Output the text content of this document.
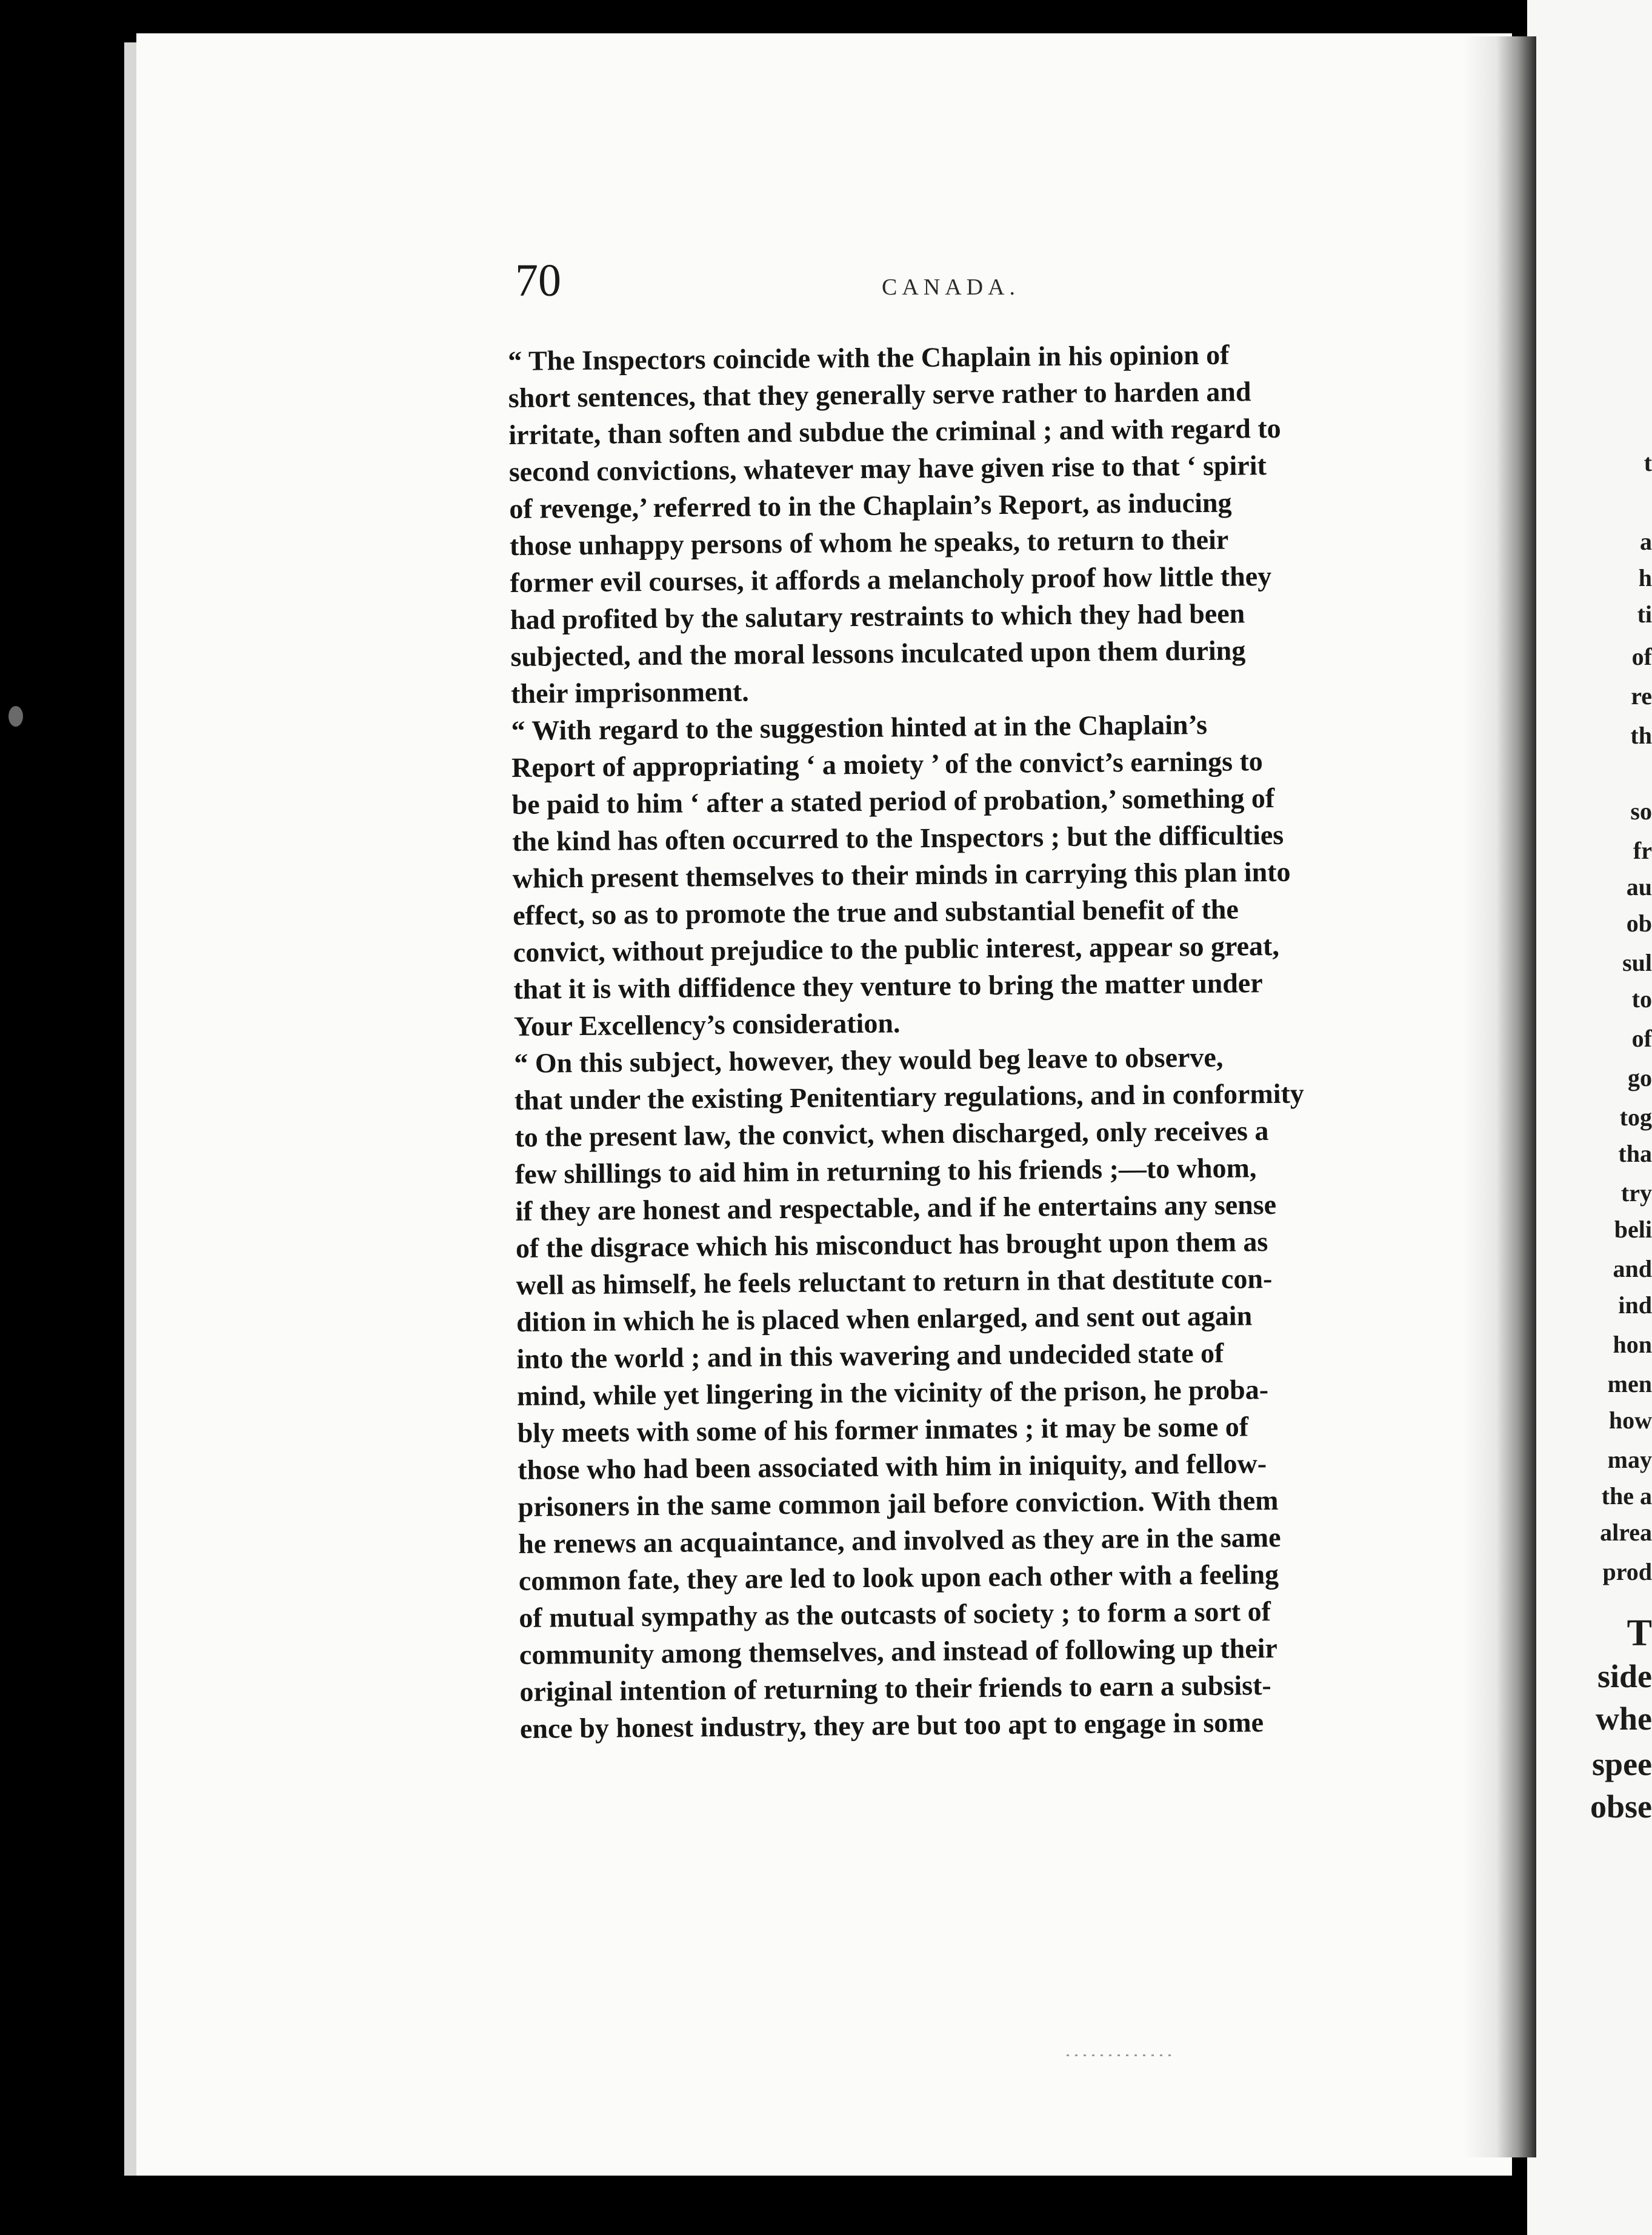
t

a

h

ti

of

re

th

so

fr

au

ob

sul

to

of

go

tog

tha

try

beli

and

ind

hon

men

how

may

the a

alrea

prod

T

side

whe

spee

obse

70	CANADA.

“ The Inspectors coincide with the Chaplain in his opinion of
short sentences, that they generally serve rather to harden and
irritate, than soften and subdue the criminal ; and with regard to
second convictions, whatever may have given rise to that ‘ spirit
of revenge,’ referred to in the Chaplain’s Report, as inducing
those unhappy persons of whom he speaks, to return to their
former evil courses, it affords a melancholy proof how little they
had profited by the salutary restraints to which they had been
subjected, and the moral lessons inculcated upon them during
their imprisonment.
“ With regard to the suggestion hinted at in the Chaplain’s
Report of appropriating ‘ a moiety ’ of the convict’s earnings to
be paid to him ‘ after a stated period of probation,’ something of
the kind has often occurred to the Inspectors ; but the difficulties
which present themselves to their minds in carrying this plan into
effect, so as to promote the true and substantial benefit of the
convict, without prejudice to the public interest, appear so great,
that it is with diffidence they venture to bring the matter under
Your Excellency’s consideration.
“ On this subject, however, they would beg leave to observe,
that under the existing Penitentiary regulations, and in conformity
to the present law, the convict, when discharged, only receives a
few shillings to aid him in returning to his friends ;—to whom,
if they are honest and respectable, and if he entertains any sense
of the disgrace which his misconduct has brought upon them as
well as himself, he feels reluctant to return in that destitute con-
dition in which he is placed when enlarged, and sent out again
into the world ; and in this wavering and undecided state of
mind, while yet lingering in the vicinity of the prison, he proba-
bly meets with some of his former inmates ; it may be some of
those who had been associated with him in iniquity, and fellow-
prisoners in the same common jail before conviction. With them
he renews an acquaintance, and involved as they are in the same
common fate, they are led to look upon each other with a feeling
of mutual sympathy as the outcasts of society ; to form a sort of
community among themselves, and instead of following up their
original intention of returning to their friends to earn a subsist-
ence by honest industry, they are but too apt to engage in some
